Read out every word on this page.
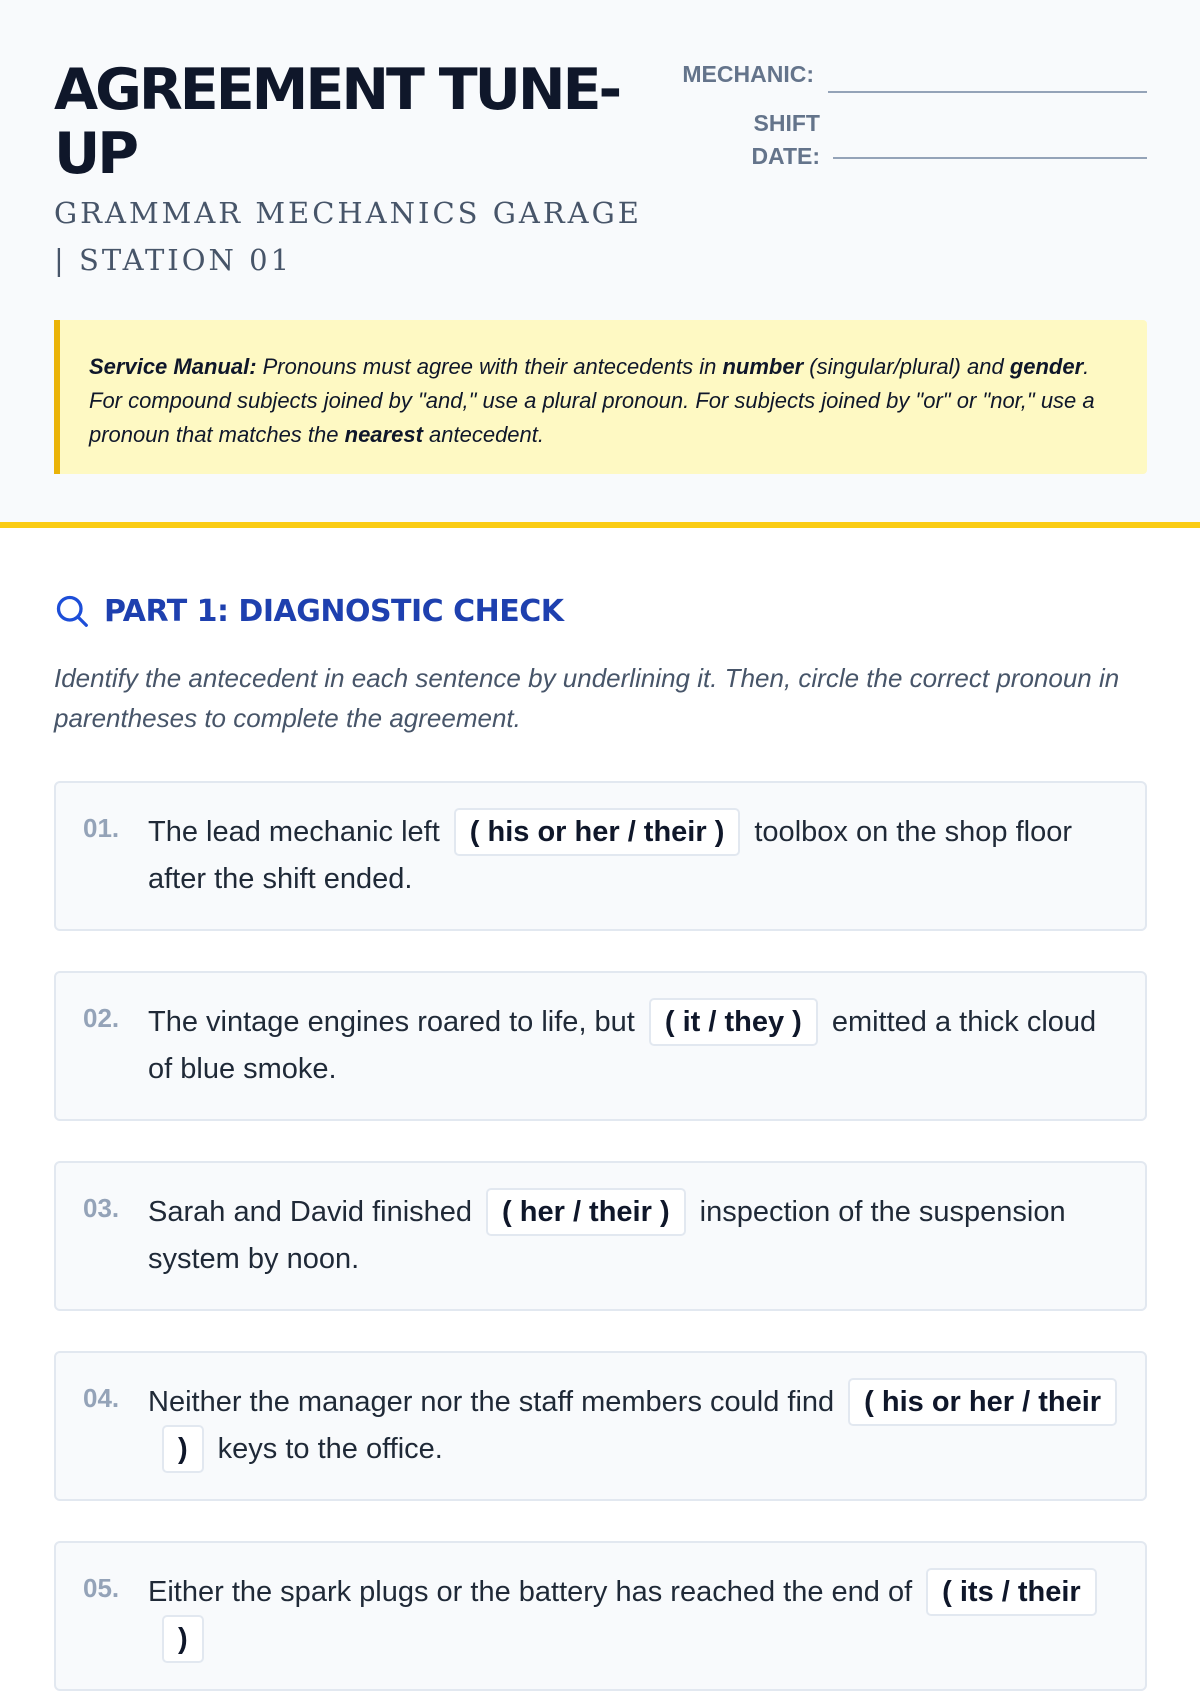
AGREEMENT TUNE-UP
GRAMMAR MECHANICS GARAGE | STATION 01
MECHANIC:
SHIFT DATE:
Service Manual: Pronouns must agree with their antecedents in number (singular/plural) and gender. For compound subjects joined by "and," use a plural pronoun. For subjects joined by "or" or "nor," use a pronoun that matches the nearest antecedent.
PART 1: DIAGNOSTIC CHECK
Identify the antecedent in each sentence by underlining it. Then, circle the correct pronoun in parentheses to complete the agreement.
01. The lead mechanic left ( his or her / their ) toolbox on the shop floor after the shift ended.
02. The vintage engines roared to life, but ( it / they ) emitted a thick cloud of blue smoke.
03. Sarah and David finished ( her / their ) inspection of the suspension system by noon.
04. Neither the manager nor the staff members could find ( his or her / their ) keys to the office.
05. Either the spark plugs or the battery has reached the end of ( its / their )
